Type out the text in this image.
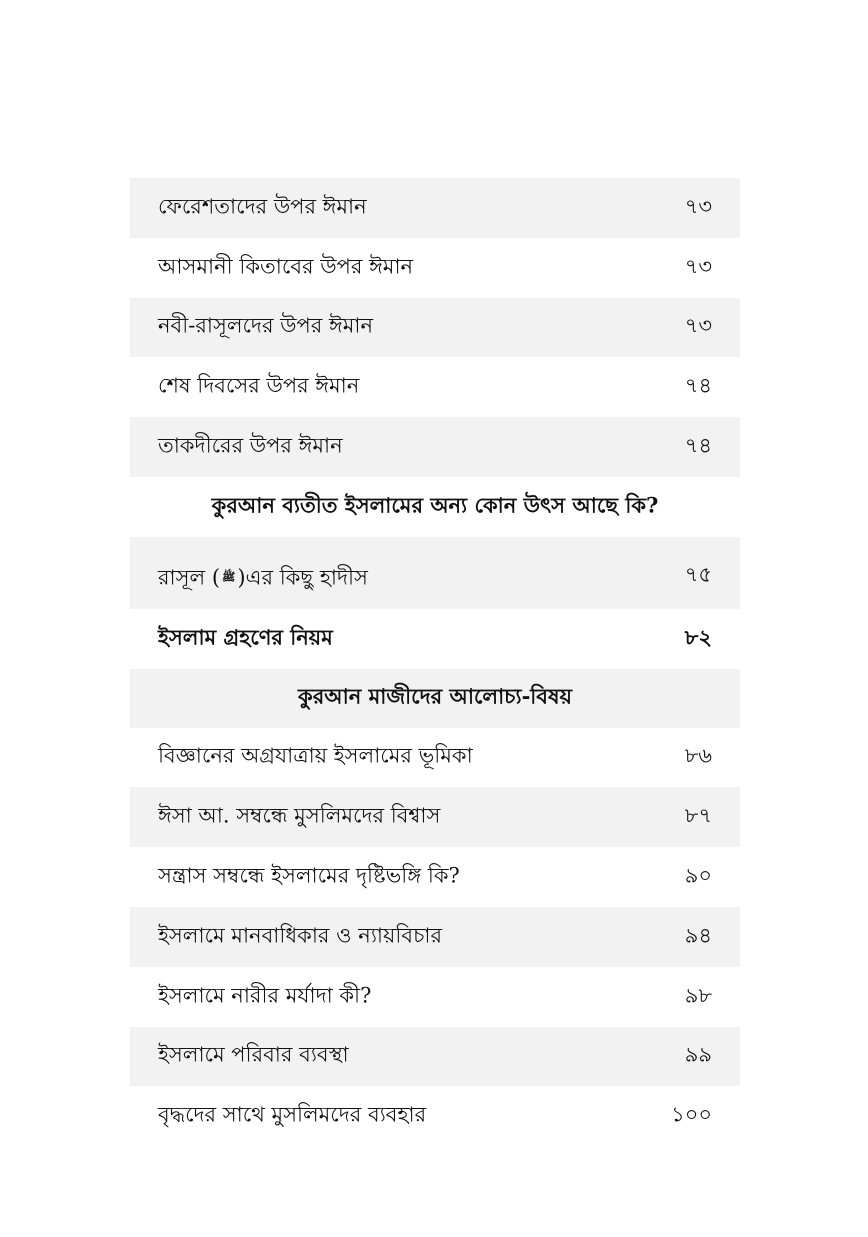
ফেরেশতাদের উপর ঈমান	৭৩
আসমানী কিতাবের উপর ঈমান	৭৩
নবী-রাসূলদের উপর ঈমান	৭৩
শেষ দিবসের উপর ঈমান	৭৪
তাকদীরের উপর ঈমান	৭৪
কুরআন ব্যতীত ইসলামের অন্য কোন উৎস আছে কি?
রাসূল ( ﷺ)এর কিছু হাদীস	৭৫
ইসলাম গ্রহণের নিয়ম	৮২
কুরআন মাজীদের আলোচ্য-বিষয়
বিজ্ঞানের অগ্রযাত্রায় ইসলামের ভূমিকা	৮৬
ঈসা আ. সম্বন্ধে মুসলিমদের বিশ্বাস	৮৭
সন্ত্রাস সম্বন্ধে ইসলামের দৃষ্টিভঙ্গি কি?	৯০
ইসলামে মানবাধিকার ও ন্যায়বিচার	৯৪
ইসলামে নারীর মর্যাদা কী?	৯৮
ইসলামে পরিবার ব্যবস্থা	৯৯
বৃদ্ধদের সাথে মুসলিমদের ব্যবহার	১০০
